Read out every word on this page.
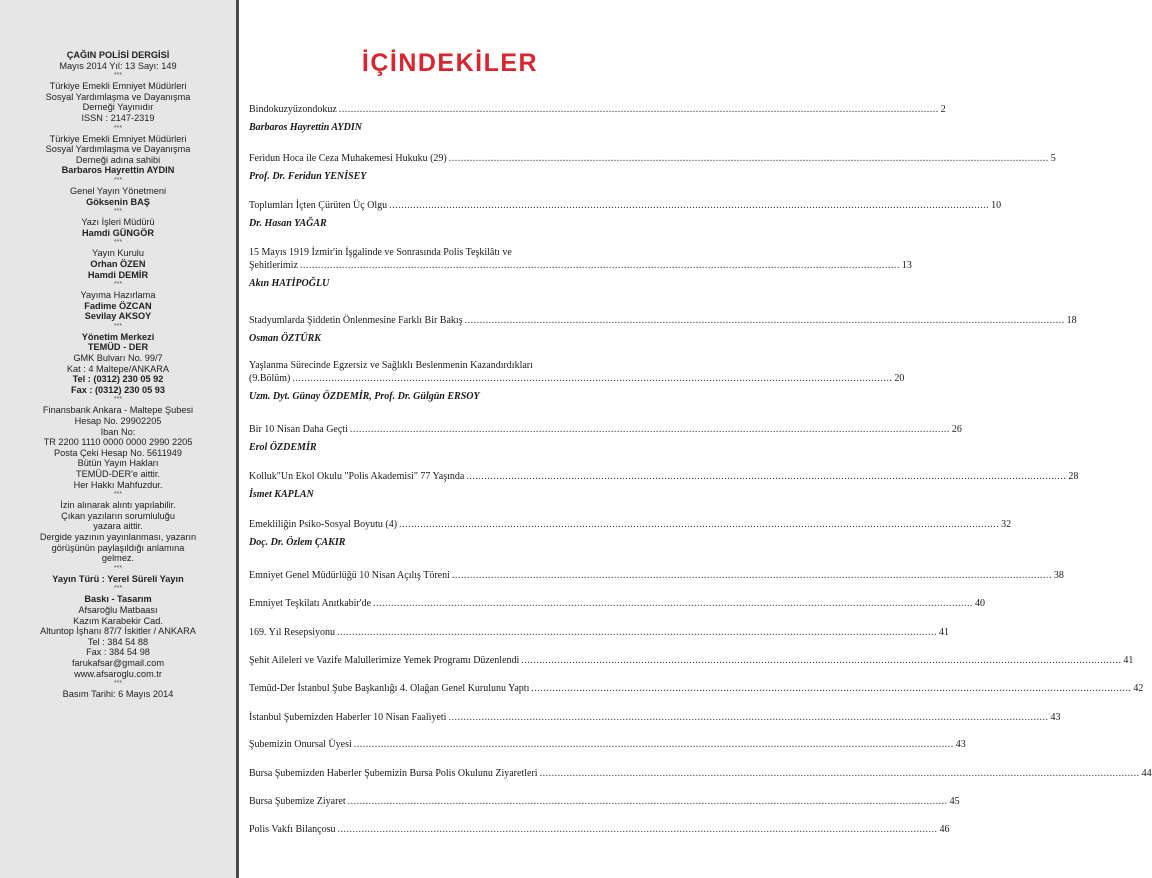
ÇAĞIN POLİSİ DERGİSİ
Mayıs 2014 Yıl: 13 Sayı: 149
***
Türkiye Emekli Emniyet Müdürleri
Sosyal Yardımlaşma ve Dayanışma
Derneği Yayınıdır
ISSN : 2147-2319
***
Türkiye Emekli Emniyet Müdürleri
Sosyal Yardımlaşma ve Dayanışma
Derneği adına sahibi
Barbaros Hayrettin AYDIN
***
Genel Yayın Yönetmeni
Göksenin BAŞ
***
Yazı İşleri Müdürü
Hamdi GÜNGÖR
***
Yayın Kurulu
Orhan ÖZEN
Hamdi DEMİR
***
Yayıma Hazırlama
Fadime ÖZCAN
Sevilay AKSOY
***
Yönetim Merkezi
TEMÜD - DER
GMK Bulvarı No. 99/7
Kat : 4 Maltepe/ANKARA
Tel : (0312) 230 05 92
Fax : (0312) 230 05 93
***
Finansbank Ankara - Maltepe Şubesi
Hesap No. 29902205
Iban No:
TR 2200 1110 0000 0000 2990 2205
Posta Çeki Hesap No. 5611949
Bütün Yayın Hakları
TEMÜD-DER'e aittir.
Her Hakkı Mahfuzdur.
***
İzin alınarak alıntı yapılabilir.
Çıkan yazıların sorumluluğu
yazara aittir.
Dergide yazının yayınlanması, yazarın
görüşünün paylaşıldığı anlamına
gelmez.
***
Yayın Türü : Yerel Süreli Yayın
***
Baskı - Tasarım
Afsaroğlu Matbaası
Kazım Karabekir Cad.
Altuntop İşhanı 87/7 İskitler / ANKARA
Tel : 384 54 88
Fax : 384 54 98
farukafsar@gmail.com
www.afsaroglu.com.tr
***
Basım Tarihi: 6 Mayıs 2014
İÇİNDEKİLER
Bindokuzyüzondokuz ........................................................................................................................................................................................................ 2
Barbaros Hayrettin AYDIN
Feridun Hoca ile Ceza Muhakemesi Hukuku (29) ........................................................................................................................................................................................................ 5
Prof. Dr. Feridun YENİSEY
Toplumları İçten Çürüten Üç Olgu ........................................................................................................................................................................................................ 10
Dr. Hasan YAĞAR
15 Mayıs 1919 İzmir'in İşgalinde ve Sonrasında Polis Teşkilâtı ve
Şehitlerimiz ........................................................................................................................................................................................................ 13
Akın HATİPOĞLU
Stadyumlarda Şiddetin Önlenmesine Farklı Bir Bakış ........................................................................................................................................................................................................ 18
Osman ÖZTÜRK
Yaşlanma Sürecinde Egzersiz ve Sağlıklı Beslenmenin Kazandırdıkları
(9.Bölüm) ........................................................................................................................................................................................................ 20
Uzm. Dyt. Günay ÖZDEMİR, Prof. Dr. Gülgün ERSOY
Bir 10 Nisan Daha Geçti ........................................................................................................................................................................................................ 26
Erol ÖZDEMİR
Kolluk"Un Ekol Okulu "Polis Akademisi" 77 Yaşında ........................................................................................................................................................................................................ 28
İsmet KAPLAN
Emekliliğin Psiko-Sosyal Boyutu (4) ........................................................................................................................................................................................................ 32
Doç. Dr. Özlem ÇAKIR
Emniyet Genel Müdürlüğü 10 Nisan Açılış Töreni ........................................................................................................................................................................................................ 38
Emniyet Teşkilatı Anıtkabir'de ........................................................................................................................................................................................................ 40
169. Yıl Resepsiyonu ........................................................................................................................................................................................................ 41
Şehit Aileleri ve Vazife Malullerimize Yemek Programı Düzenlendi ........................................................................................................................................................................................................ 41
Temüd-Der İstanbul Şube Başkanlığı 4. Olağan Genel Kurulunu Yaptı ........................................................................................................................................................................................................ 42
İstanbul Şubemizden Haberler 10 Nisan Faaliyeti ........................................................................................................................................................................................................ 43
Şubemizin Onursal Üyesi ........................................................................................................................................................................................................ 43
Bursa Şubemizden Haberler Şubemizin Bursa Polis Okulunu Ziyaretleri ........................................................................................................................................................................................................ 44
Bursa Şubemize Ziyaret ........................................................................................................................................................................................................ 45
Polis Vakfı Bilançosu ........................................................................................................................................................................................................ 46
